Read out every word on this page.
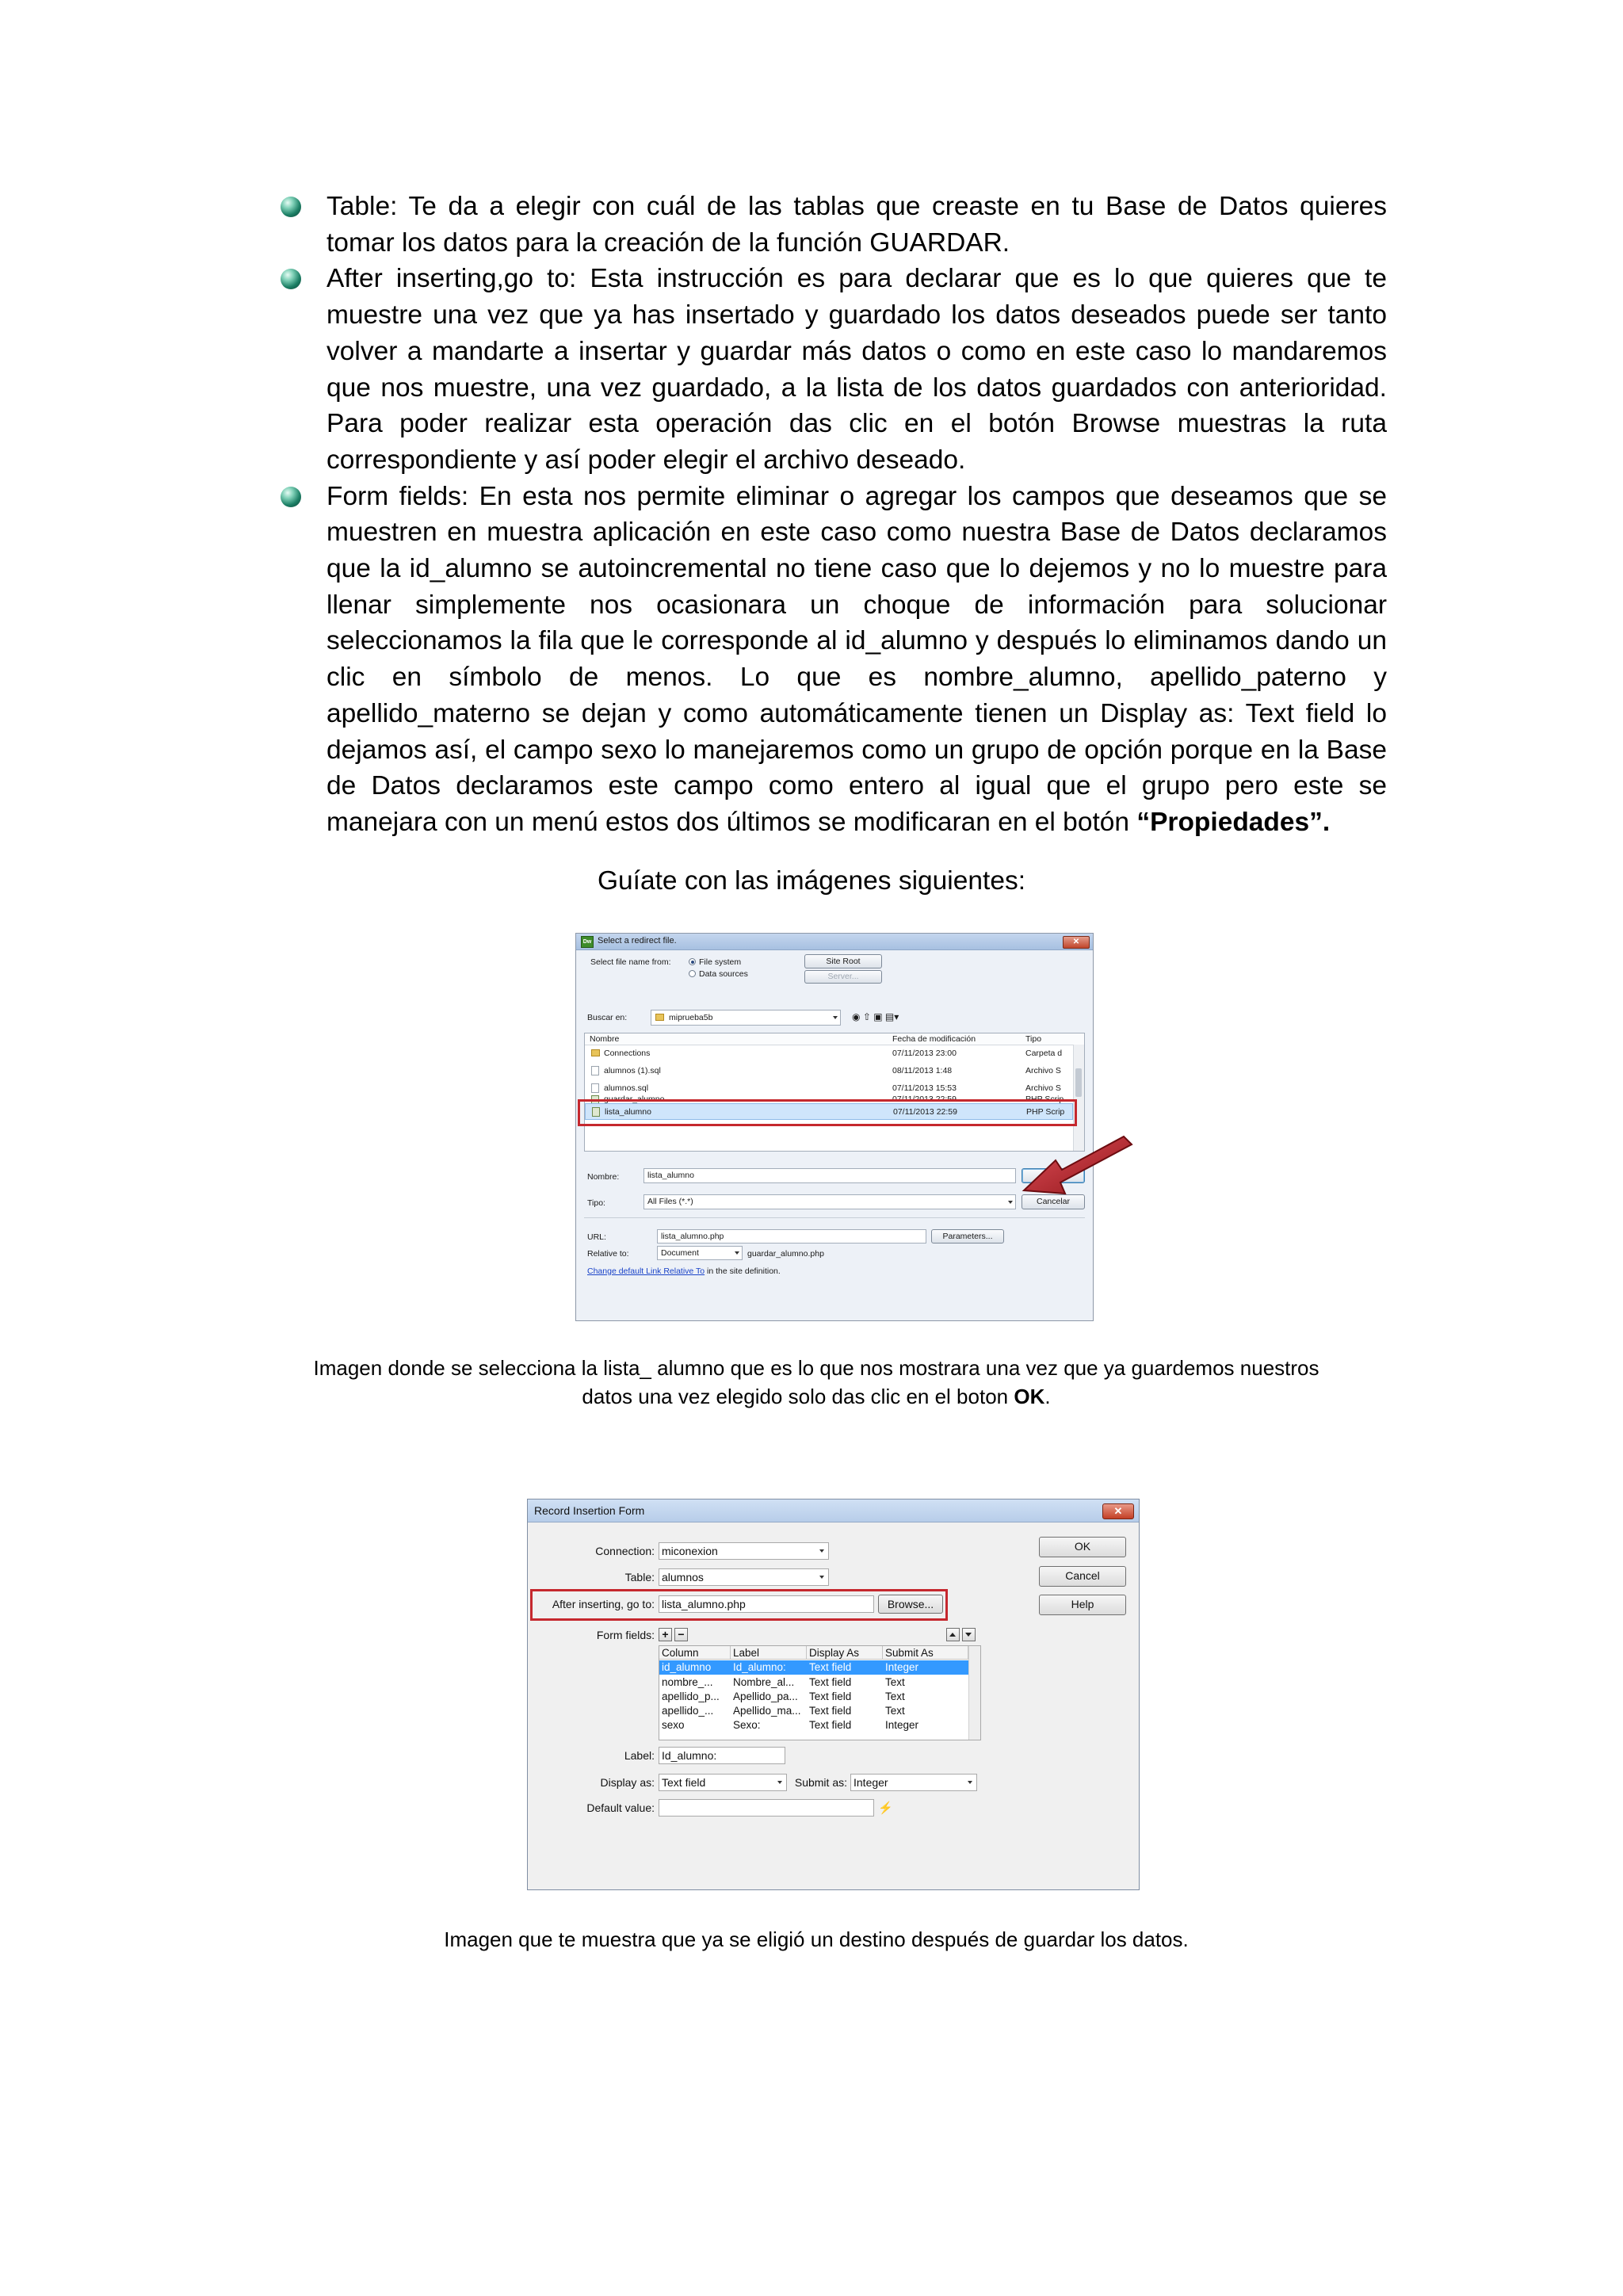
Table: Te da a elegir con cuál de las tablas que creaste en tu Base de Datos quieres tomar los datos para la creación de la función GUARDAR.
After inserting,go to: Esta instrucción es para declarar que es lo que quieres que te muestre una vez que ya has insertado y guardado los datos deseados puede ser tanto volver a mandarte a insertar y guardar más datos o como en este caso lo mandaremos que nos muestre, una vez guardado, a la lista de los datos guardados con anterioridad. Para poder realizar esta operación das clic en el botón Browse muestras la ruta correspondiente y así poder elegir el archivo deseado.
Form fields: En esta nos permite eliminar o agregar los campos que deseamos que se muestren en muestra aplicación en este caso como nuestra Base de Datos declaramos que la id_alumno se autoincremental no tiene caso que lo dejemos y no lo muestre para llenar simplemente nos ocasionara un choque de información para solucionar seleccionamos la fila que le corresponde al id_alumno y después lo eliminamos dando un clic en símbolo de menos. Lo que es nombre_alumno, apellido_paterno y apellido_materno se dejan y como automáticamente tienen un Display as: Text field lo dejamos así, el campo sexo lo manejaremos como un grupo de opción porque en la Base de Datos declaramos este campo como entero al igual que el grupo pero este se manejara con un menú estos dos últimos se modificaran en el botón “Propiedades”.
Guíate con las imágenes siguientes:
Dw Select a redirect file.	✕
Select file name from:	File system
Data sources
Site Root
Server...
Buscar en:	miprueba5b	◉ ⇧ ▣ ▤▾
Nombre	Fecha de modificación	Tipo
Connections	07/11/2013 23:00	Carpeta d
alumnos (1).sql	08/11/2013 1:48	Archivo S
alumnos.sql	07/11/2013 15:53	Archivo S
guardar_alumno	07/11/2013 22:59	PHP Scrip
lista_alumno	07/11/2013 22:59	PHP Scrip
Nombre:	lista_alumno
Tipo:	All Files (*.*)	Cancelar
URL:	lista_alumno.php	Parameters...
Relative to:	Document	guardar_alumno.php
Change default Link Relative To in the site definition.
Imagen donde se selecciona la lista_ alumno que es lo que nos mostrara una vez que ya guardemos nuestros datos una vez elegido solo das clic en el boton OK.
Record Insertion Form	✕
Connection: miconexion
Table: alumnos
After inserting, go to: lista_alumno.php	Browse...
OK
Cancel
Help
Form fields: + −
Column	Label	Display As	Submit As
id_alumno	Id_alumno:	Text field	Integer
nombre_...	Nombre_al...	Text field	Text
apellido_p...	Apellido_pa...	Text field	Text
apellido_...	Apellido_ma... Text field	Text
sexo	Sexo:	Text field	Integer
Label: Id_alumno:
Display as: Text field	Submit as: Integer
Default value:	⚡
Imagen que te muestra que ya se eligió un destino después de guardar los datos.
